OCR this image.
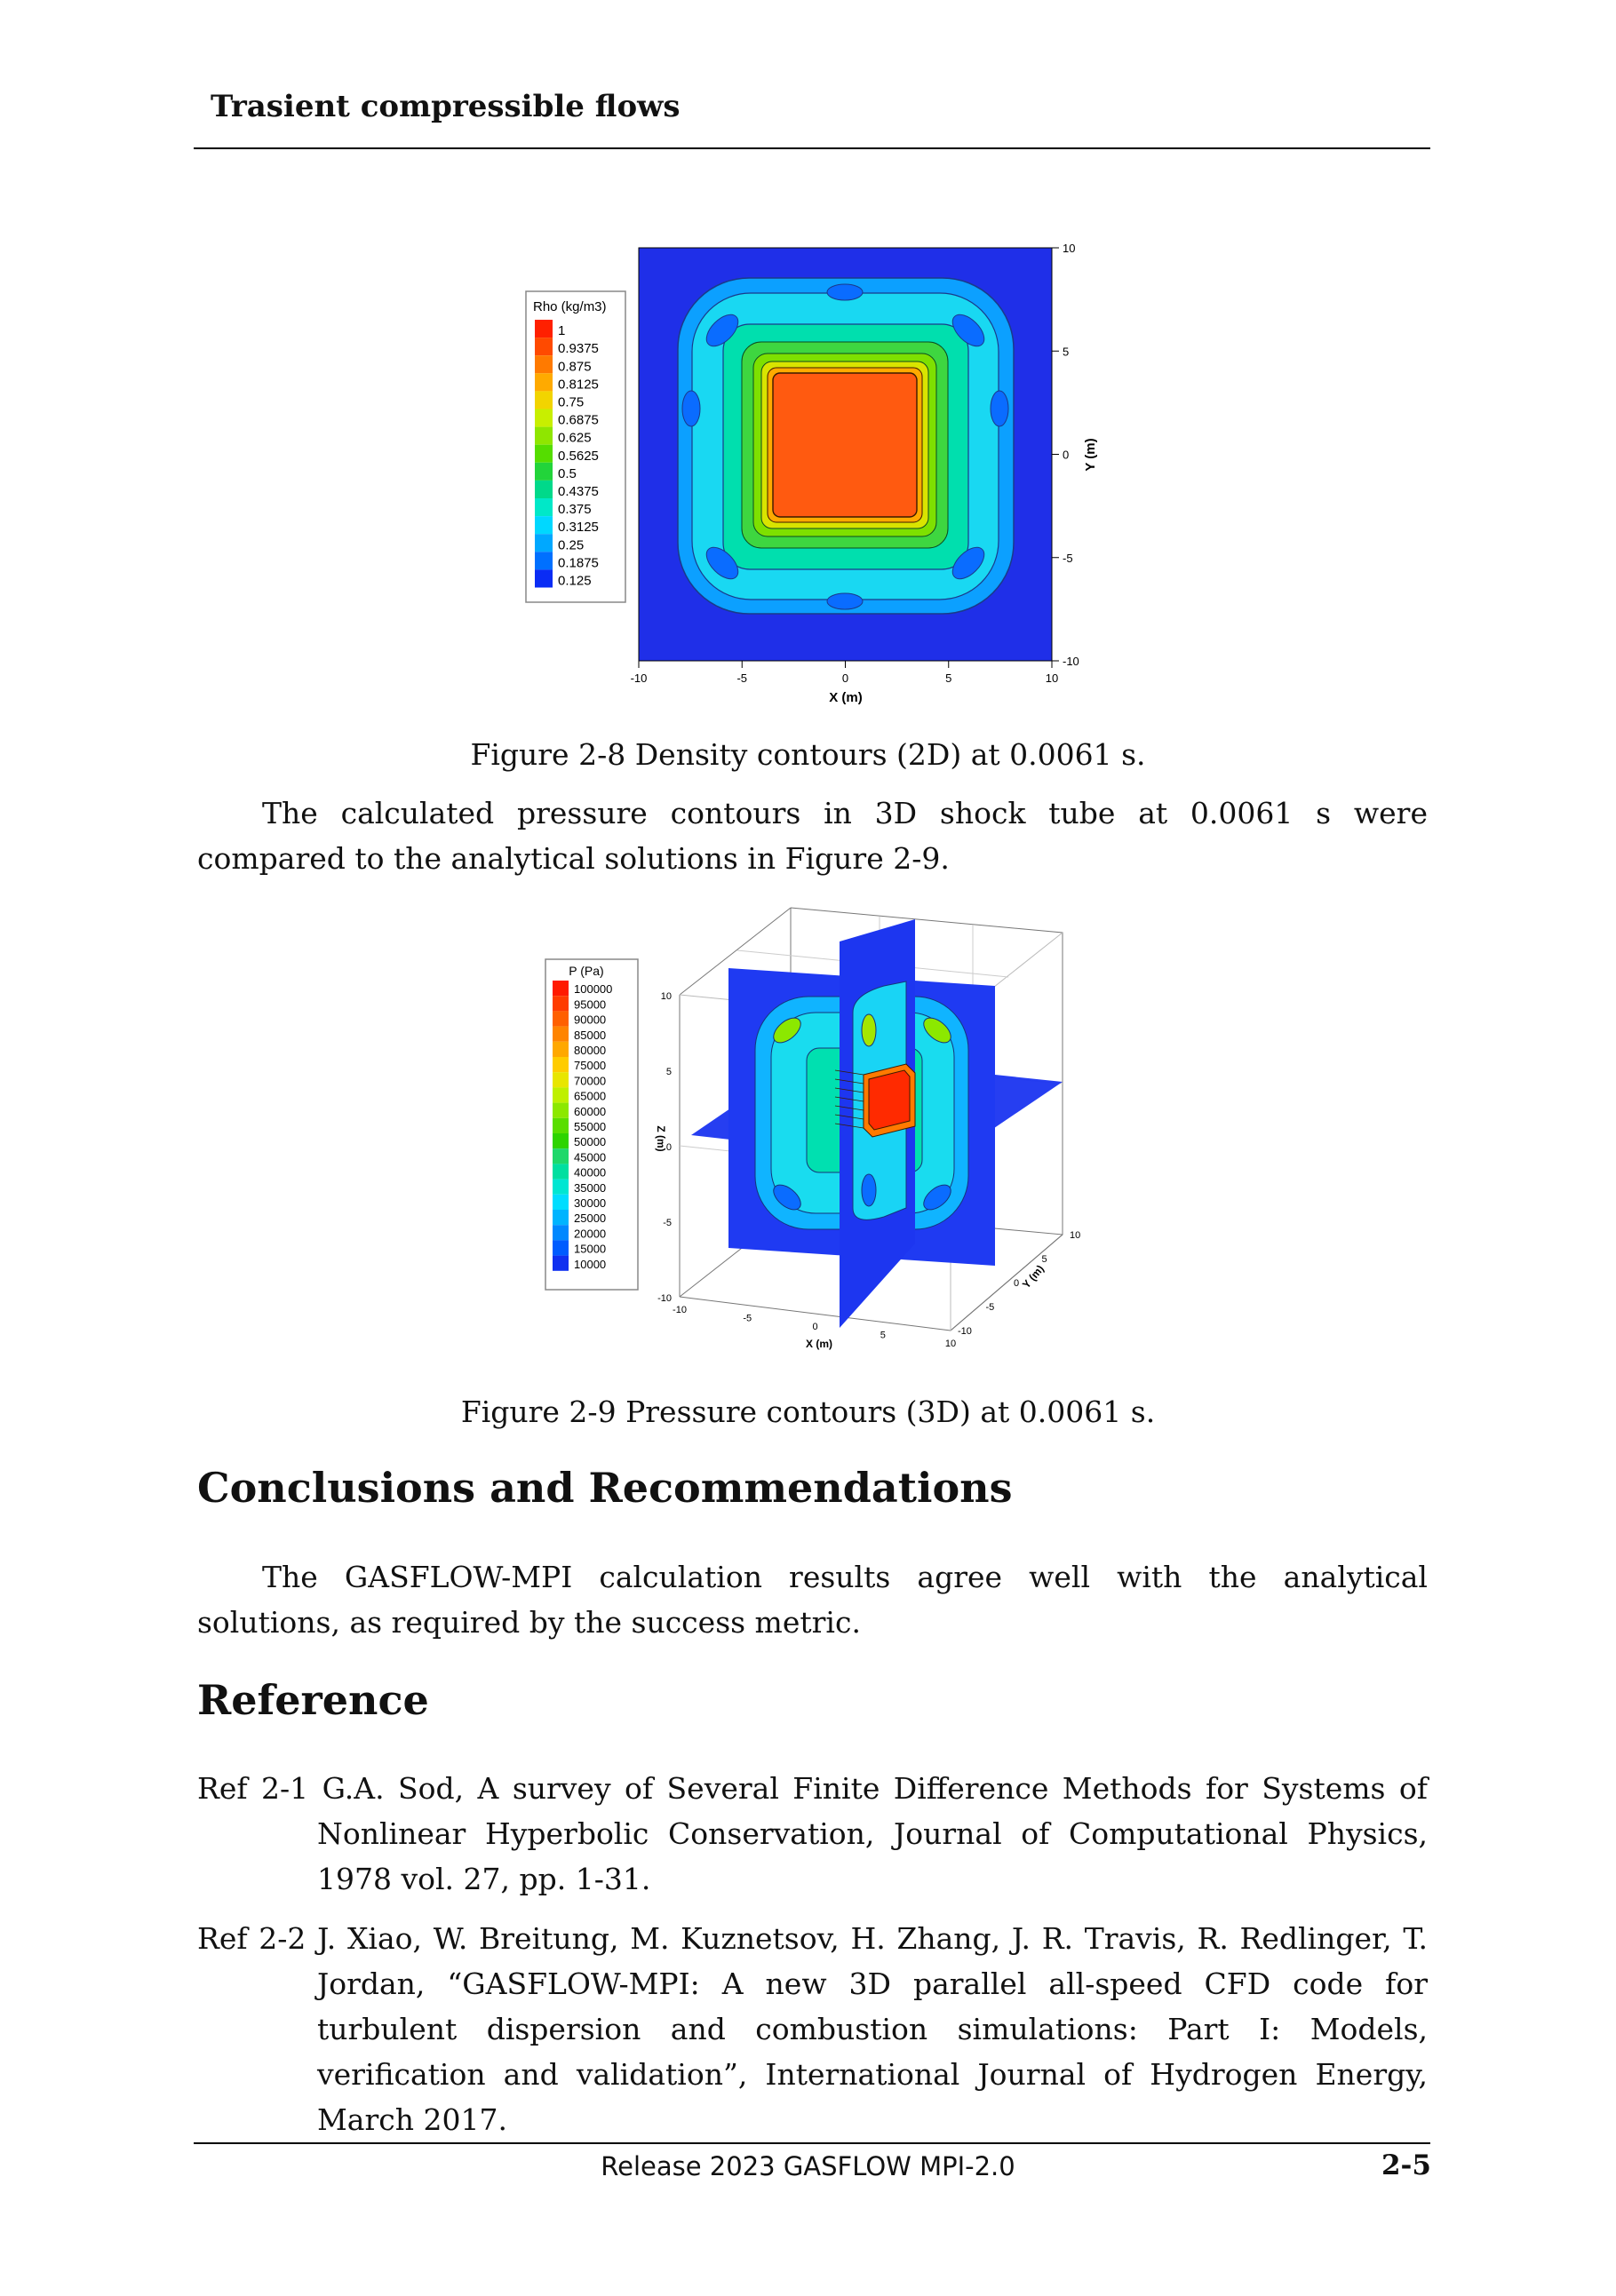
Trasient compressible flows
Rho (kg/m3)
1
0.9375
0.875
0.8125
0.75
0.6875
0.625
0.5625
0.5
0.4375
0.375
0.3125
0.25
0.1875
0.125
-10	-5	0	5	10
10
5
0
-5
-10
X (m)
Y (m)
Figure 2-8 Density contours (2D) at 0.0061 s.
The calculated pressure contours in 3D shock tube at 0.0061 s were compared to the analytical solutions in Figure 2-9.
P (Pa)
100000
95000
90000
85000
80000
75000
70000
65000
60000
55000
50000
45000
40000
35000
30000
25000
20000
15000
10000
10
5
0
-5
-10
-10
-5
0
5
10
10
5
0
-5
-10
Z (m)
X (m)
Y (m)
Figure 2-9 Pressure contours (3D) at 0.0061 s.
Conclusions and Recommendations
The GASFLOW-MPI calculation results agree well with the analytical solutions, as required by the success metric.
Reference
Ref 2-1 G.A. Sod, A survey of Several Finite Difference Methods for Systems of Nonlinear Hyperbolic Conservation, Journal of Computational Physics, 1978 vol. 27, pp. 1-31.
Ref 2-2 J. Xiao, W. Breitung, M. Kuznetsov, H. Zhang, J. R. Travis, R. Redlinger, T. Jordan, “GASFLOW-MPI: A new 3D parallel all-speed CFD code for turbulent dispersion and combustion simulations: Part I: Models, verification and validation”, International Journal of Hydrogen Energy, March 2017.
Release 2023 GASFLOW MPI-2.0	2-5
